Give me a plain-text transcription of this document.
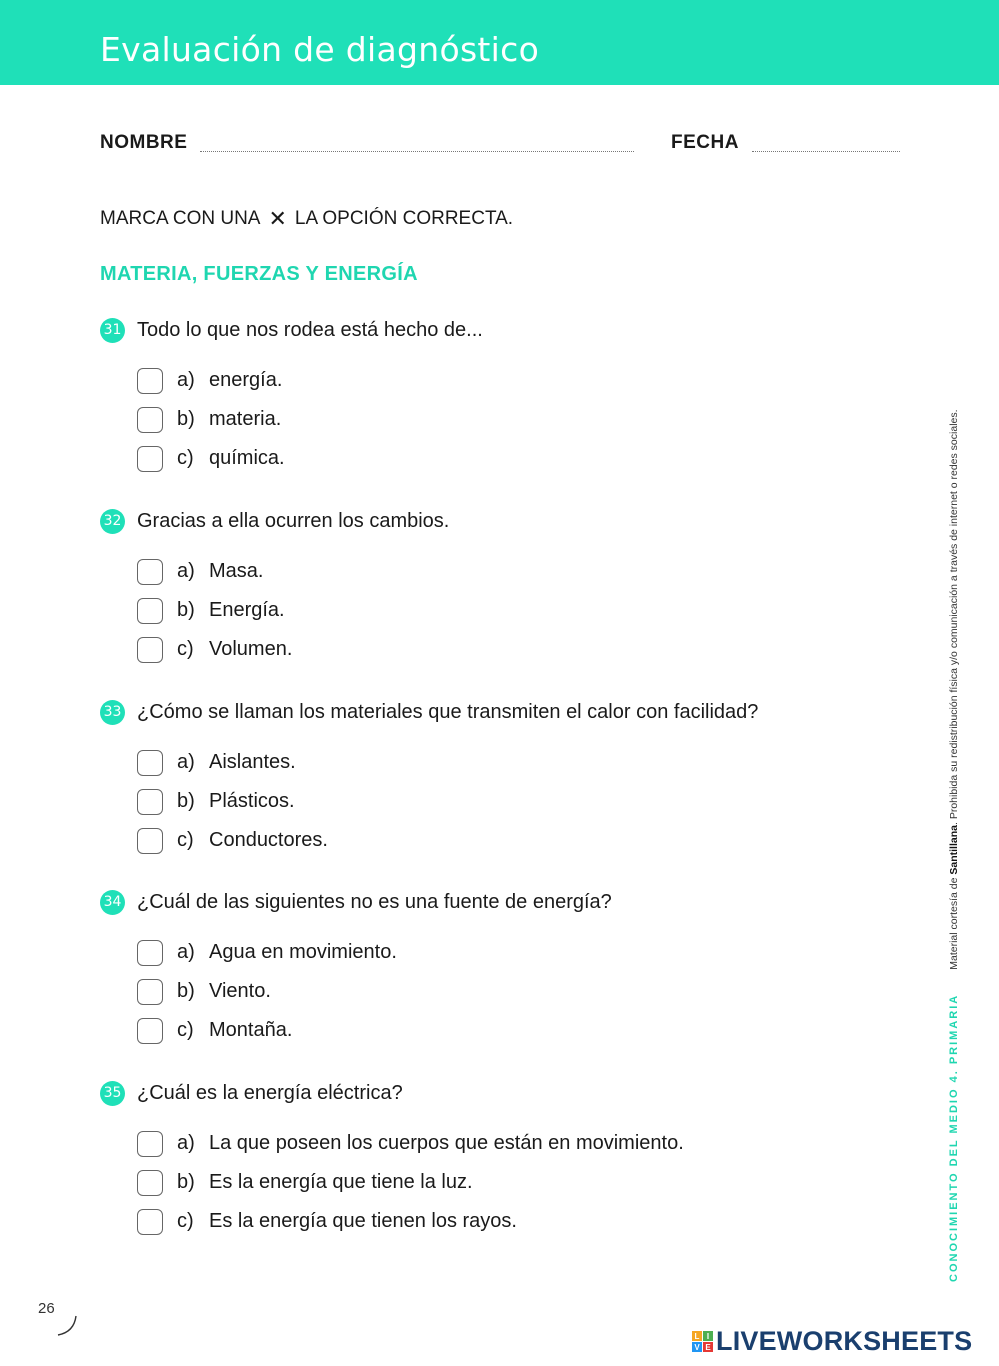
Evaluación de diagnóstico
NOMBRE	FECHA
MARCA CON UNA ✕ LA OPCIÓN CORRECTA.
MATERIA, FUERZAS Y ENERGÍA
31 Todo lo que nos rodea está hecho de...
a) energía.
b) materia.
c) química.
32 Gracias a ella ocurren los cambios.
a) Masa.
b) Energía.
c) Volumen.
33 ¿Cómo se llaman los materiales que transmiten el calor con facilidad?
a) Aislantes.
b) Plásticos.
c) Conductores.
34 ¿Cuál de las siguientes no es una fuente de energía?
a) Agua en movimiento.
b) Viento.
c) Montaña.
35 ¿Cuál es la energía eléctrica?
a) La que poseen los cuerpos que están en movimiento.
b) Es la energía que tiene la luz.
c) Es la energía que tienen los rayos.	CONOCIMIENTO DEL MEDIO 4. PRIMARIA
Material cortesía de Santillana. Prohibida su redistribución física y/o comunicación a través de internet o redes sociales.
26
L I
V E LIVEWORKSHEETS
